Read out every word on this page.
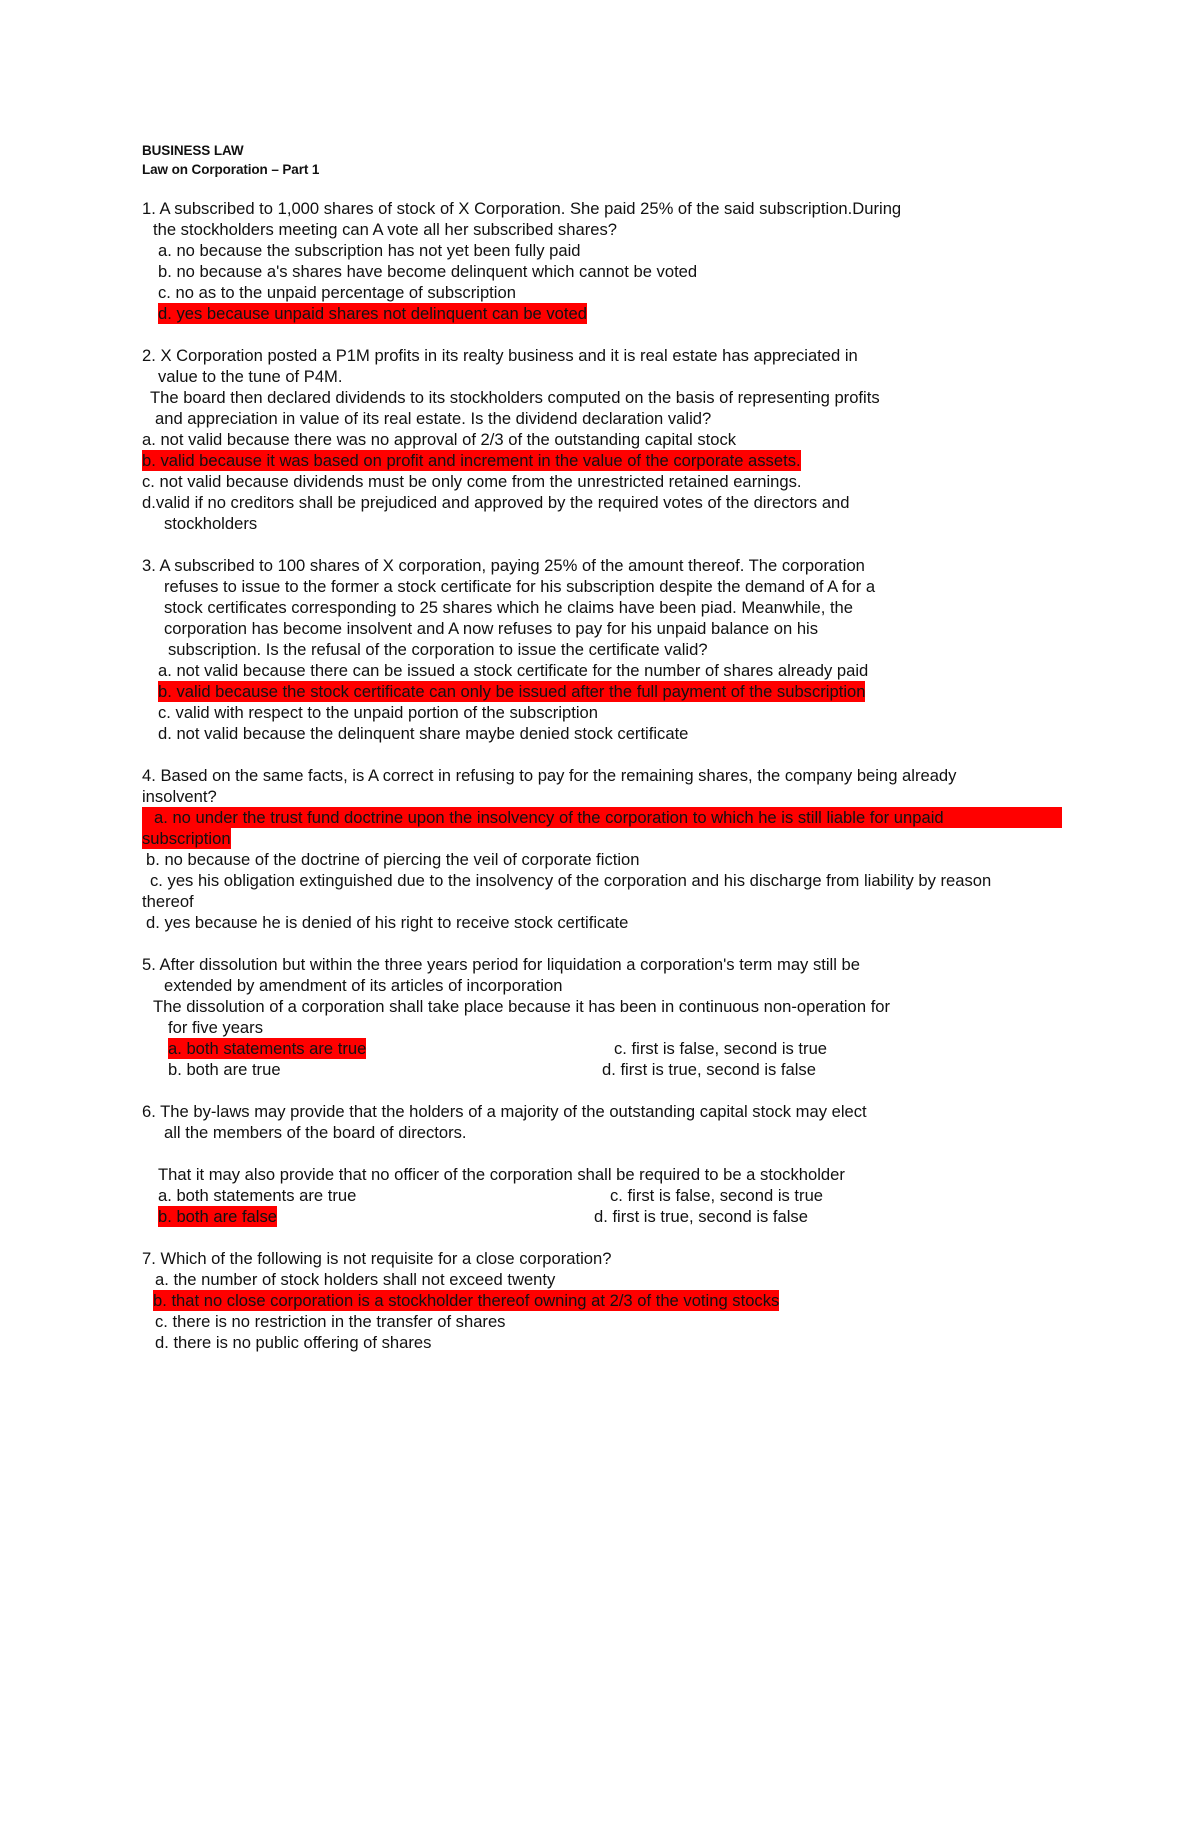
BUSINESS LAW
Law on Corporation – Part 1
1. A subscribed to 1,000 shares of stock of X Corporation. She paid 25% of the said subscription.During
the stockholders meeting can A vote all her subscribed shares?
a. no because the subscription has not yet been fully paid
b. no because a's shares have become delinquent which cannot be voted
c. no as to the unpaid percentage of subscription
d. yes because unpaid shares not delinquent can be voted
2. X Corporation posted a P1M profits in its realty business and it is real estate has appreciated in
value to the tune of P4M.
The board then declared dividends to its stockholders computed on the basis of representing profits
and appreciation in value of its real estate. Is the dividend declaration valid?
a. not valid because there was no approval of 2/3 of the outstanding capital stock
b. valid because it was based on profit and increment in the value of the corporate assets.
c. not valid because dividends must be only come from the unrestricted retained earnings.
d.valid if no creditors shall be prejudiced and approved by the required votes of the directors and
stockholders
3. A subscribed to 100 shares of X corporation, paying 25% of the amount thereof. The corporation
refuses to issue to the former a stock certificate for his subscription despite the demand of A for a
stock certificates corresponding to 25 shares which he claims have been piad. Meanwhile, the
corporation has become insolvent and A now refuses to pay for his unpaid balance on his
subscription. Is the refusal of the corporation to issue the certificate valid?
a. not valid because there can be issued a stock certificate for the number of shares already paid
b. valid because the stock certificate can only be issued after the full payment of the subscription
c. valid with respect to the unpaid portion of the subscription
d. not valid because the delinquent share maybe denied stock certificate
4. Based on the same facts, is A correct in refusing to pay for the remaining shares, the company being already
insolvent?
a. no under the trust fund doctrine upon the insolvency of the corporation to which he is still liable for unpaid
subscription
b. no because of the doctrine of piercing the veil of corporate fiction
c. yes his obligation extinguished due to the insolvency of the corporation and his discharge from liability by reason
thereof
d. yes because he is denied of his right to receive stock certificate
5. After dissolution but within the three years period for liquidation a corporation's term may still be
extended by amendment of its articles of incorporation
The dissolution of a corporation shall take place because it has been in continuous non-operation for
for five years
a. both statements are true	c. first is false, second is true
b. both are true	d. first is true, second is false
6. The by-laws may provide that the holders of a majority of the outstanding capital stock may elect
all the members of the board of directors.
That it may also provide that no officer of the corporation shall be required to be a stockholder
a. both statements are true	c. first is false, second is true
b. both are false	d. first is true, second is false
7. Which of the following is not requisite for a close corporation?
a. the number of stock holders shall not exceed twenty
b. that no close corporation is a stockholder thereof owning at 2/3 of the voting stocks
c. there is no restriction in the transfer of shares
d. there is no public offering of shares
